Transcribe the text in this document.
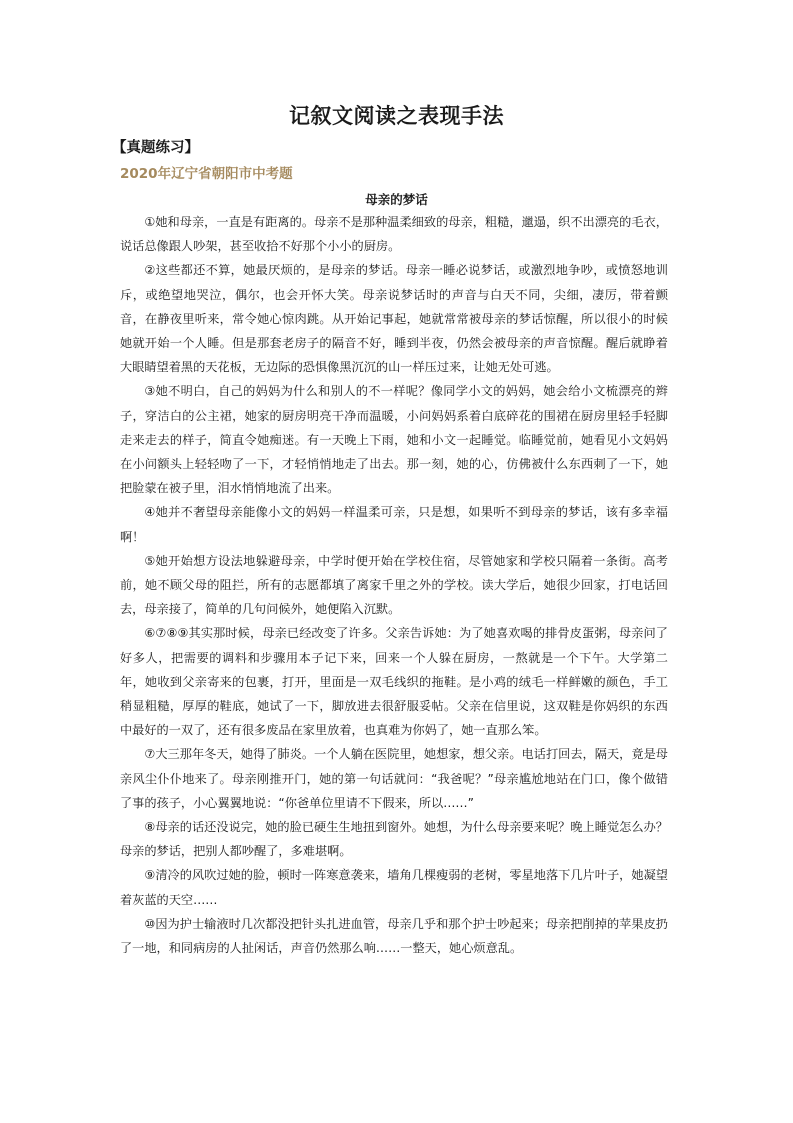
记叙文阅读之表现手法
【真题练习】
2020年辽宁省朝阳市中考题
母亲的梦话

①她和母亲，一直是有距离的。母亲不是那种温柔细致的母亲，粗糙，邋遢，织不出漂亮的毛衣，说话总像跟人吵架，甚至收拾不好那个小小的厨房。

②这些都还不算，她最厌烦的，是母亲的梦话。母亲一睡必说梦话，或激烈地争吵，或愤怒地训斥，或绝望地哭泣，偶尔，也会开怀大笑。母亲说梦话时的声音与白天不同，尖细，凄厉，带着颤音，在静夜里听来，常令她心惊肉跳。从开始记事起，她就常常被母亲的梦话惊醒，所以很小的时候她就开始一个人睡。但是那套老房子的隔音不好，睡到半夜，仍然会被母亲的声音惊醒。醒后就睁着大眼睛望着黑的天花板，无边际的恐惧像黑沉沉的山一样压过来，让她无处可逃。

③她不明白，自己的妈妈为什么和别人的不一样呢？像同学小文的妈妈，她会给小文梳漂亮的辫子，穿洁白的公主裙，她家的厨房明亮干净而温暖，小问妈妈系着白底碎花的围裙在厨房里轻手轻脚走来走去的样子，简直令她痴迷。有一天晚上下雨，她和小文一起睡觉。临睡觉前，她看见小文妈妈在小问额头上轻轻吻了一下，才轻悄悄地走了出去。那一刻，她的心，仿佛被什么东西刺了一下，她把脸蒙在被子里，泪水悄悄地流了出来。

④她并不奢望母亲能像小文的妈妈一样温柔可亲，只是想，如果听不到母亲的梦话，该有多幸福啊！

⑤她开始想方设法地躲避母亲，中学时便开始在学校住宿，尽管她家和学校只隔着一条街。高考前，她不顾父母的阻拦，所有的志愿都填了离家千里之外的学校。读大学后，她很少回家，打电话回去，母亲接了，简单的几句问候外，她便陷入沉默。

⑥⑦⑧⑨其实那时候，母亲已经改变了许多。父亲告诉她：为了她喜欢喝的排骨皮蛋粥，母亲问了好多人，把需要的调料和步骤用本子记下来，回来一个人躲在厨房，一熬就是一个下午。大学第二年，她收到父亲寄来的包裹，打开，里面是一双毛线织的拖鞋。是小鸡的绒毛一样鲜嫩的颜色，手工稍显粗糙，厚厚的鞋底，她试了一下，脚放进去很舒服妥帖。父亲在信里说，这双鞋是你妈织的东西中最好的一双了，还有很多废品在家里放着，也真难为你妈了，她一直那么笨。

⑦大三那年冬天，她得了肺炎。一个人躺在医院里，她想家，想父亲。电话打回去，隔天，竟是母亲风尘仆仆地来了。母亲刚推开门，她的第一句话就问：“我爸呢？”母亲尴尬地站在门口，像个做错了事的孩子，小心翼翼地说：“你爸单位里请不下假来，所以……”

⑧母亲的话还没说完，她的脸已硬生生地扭到窗外。她想，为什么母亲要来呢？晚上睡觉怎么办？母亲的梦话，把别人都吵醒了，多难堪啊。

⑨清冷的风吹过她的脸，顿时一阵寒意袭来，墙角几棵瘦弱的老树，零星地落下几片叶子，她凝望着灰蓝的天空……

⑩因为护士输液时几次都没把针头扎进血管，母亲几乎和那个护士吵起来；母亲把削掉的苹果皮扔了一地，和同病房的人扯闲话，声音仍然那么响……一整天，她心烦意乱。
